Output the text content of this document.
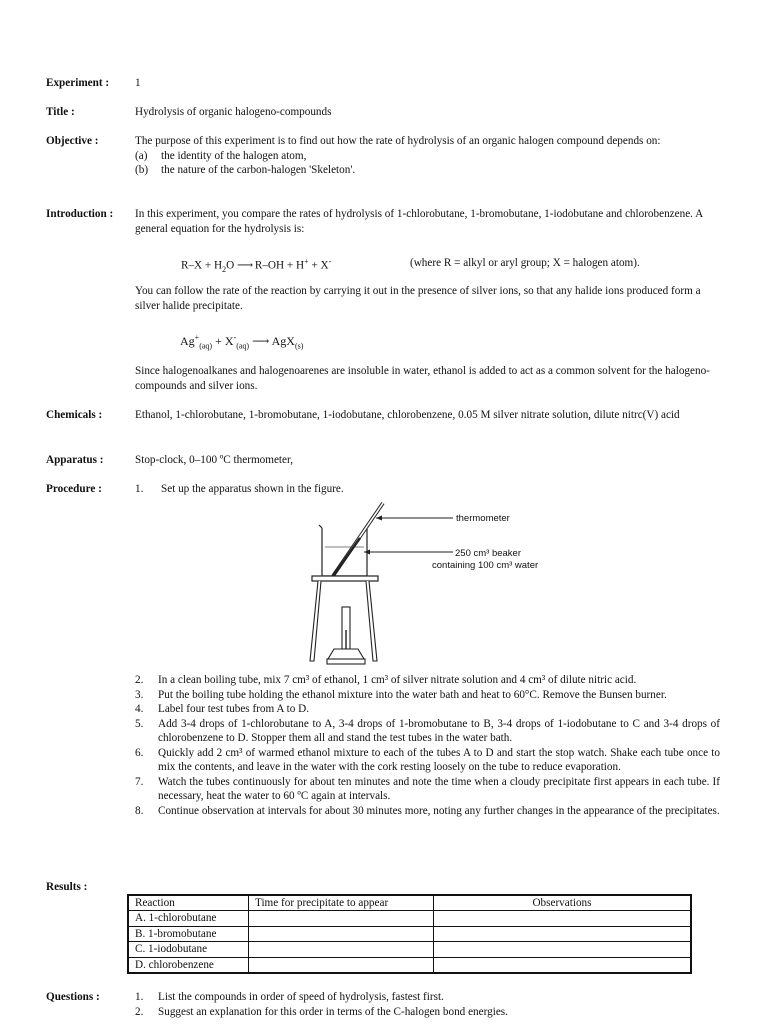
Experiment : 1
Title :	Hydrolysis of organic halogeno-compounds
Objective :	The purpose of this experiment is to find out how the rate of hydrolysis of an organic halogen compound depends on:
(a) the identity of the halogen atom,
(b) the nature of the carbon-halogen 'Skeleton'.
Introduction : In this experiment, you compare the rates of hydrolysis of 1-chlorobutane, 1-bromobutane, 1-iodobutane and chlorobenzene. A general equation for the hydrolysis is:
$R-X + H_2O$ ⟶ R–OH + H+ + X-	(where R = alkyl or aryl group; X = halogen atom).
You can follow the rate of the reaction by carrying it out in the presence of silver ions, so that any halide ions produced form a silver halide precipitate.
$Ag^+_{(aq)} + X^-_{(aq)}$ ⟶ AgX$_{(s)}$
Since halogenoalkanes and halogenoarenes are insoluble in water, ethanol is added to act as a common solvent for the halogeno-compounds and silver ions.
Chemicals :	Ethanol, 1-chlorobutane, 1-bromobutane, 1-iodobutane, chlorobenzene, 0.05 M silver nitrate solution, dilute nitrc(V) acid
Apparatus :	Stop-clock, 0–100 ºC thermometer,
Procedure :	1. Set up the apparatus shown in the figure.
thermometer
250 cm³ beaker
containing 100 cm³ water
2. In a clean boiling tube, mix 7 cm³ of ethanol, 1 cm³ of silver nitrate solution and 4 cm³ of dilute nitric acid.
3. Put the boiling tube holding the ethanol mixture into the water bath and heat to 60°C. Remove the Bunsen burner.
4. Label four test tubes from A to D.
5. Add 3-4 drops of 1-chlorobutane to A, 3-4 drops of 1-bromobutane to B, 3-4 drops of 1-iodobutane to C and 3-4 drops of chlorobenzene to D. Stopper them all and stand the test tubes in the water bath.
6. Quickly add 2 cm³ of warmed ethanol mixture to each of the tubes A to D and start the stop watch. Shake each tube once to mix the contents, and leave in the water with the cork resting loosely on the tube to reduce evaporation.
7. Watch the tubes continuously for about ten minutes and note the time when a cloudy precipitate first appears in each tube. If necessary, heat the water to 60 ºC again at intervals.
8. Continue observation at intervals for about 30 minutes more, noting any further changes in the appearance of the precipitates.
Results :
Reaction	Time for precipitate to appear	Observations
A. 1-chlorobutane		
B. 1-bromobutane		
C. 1-iodobutane		
D. chlorobenzene		
Questions :	1. List the compounds in order of speed of hydrolysis, fastest first.
2. Suggest an explanation for this order in terms of the C-halogen bond energies.
